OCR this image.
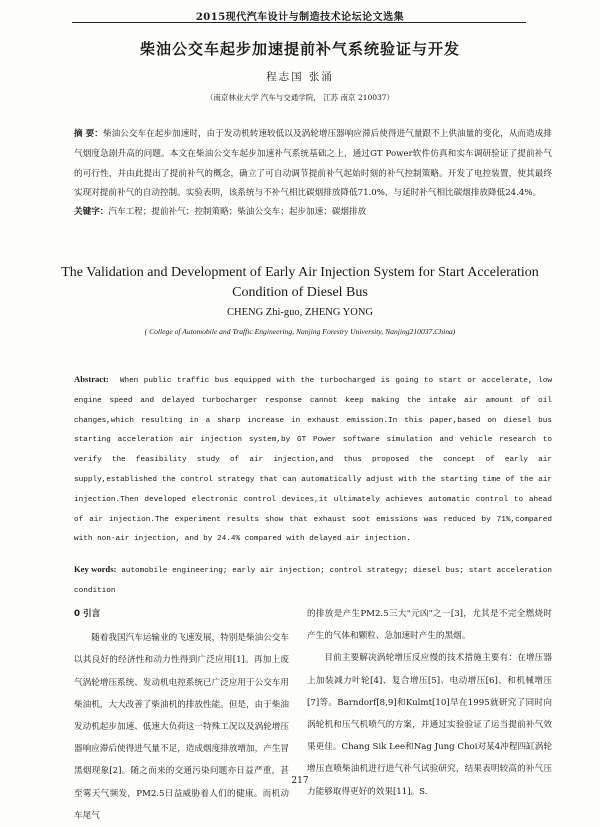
2015现代汽车设计与制造技术论坛论文选集
柴油公交车起步加速提前补气系统验证与开发
程志国 张涌
（南京林业大学 汽车与交通学院， 江苏 南京 210037）
摘 要：柴油公交车在起步加速时，由于发动机转速较低以及涡轮增压器响应滞后使得进气量跟不上供油量的变化，从而造成排气烟度急剧升高的问题。本文在柴油公交车起步加速补气系统基础之上，通过GT Power软件仿真和实车调研验证了提前补气的可行性，并由此提出了提前补气的概念，确立了可自动调节提前补气起始时刻的补气控制策略。开发了电控装置，使其最终实现对提前补气的自动控制。实验表明，该系统与不补气相比碳烟排放降低71.0%，与延时补气相比碳烟排放降低24.4%。
关键字：汽车工程；提前补气；控制策略；柴油公交车；起步加速；碳烟排放
The Validation and Development of Early Air Injection System for Start Acceleration
Condition of Diesel Bus
CHENG Zhi-guo, ZHENG YONG
( College of Automobile and Traffic Engineering, Nanjing Forestry University, Nanjing210037,China)
Abstract: When public traffic bus equipped with the turbocharged is going to start or accelerate, low engine speed and delayed turbocharger response cannot keep making the intake air amount of oil changes,which resulting in a sharp increase in exhaust emission.In this paper,based on diesel bus starting acceleration air injection system,by GT Power software simulation and vehicle research to verify the feasibility study of air injection,and thus proposed the concept of early air supply,established the control strategy that can automatically adjust with the starting time of the air injection.Then developed electronic control devices,it ultimately achieves automatic control to ahead of air injection.The experiment results show that exhaust soot emissions was reduced by 71%,compared with non-air injection, and by 24.4% compared with delayed air injection.
Key words: automobile engineering; early air injection; control strategy; diesel bus; start acceleration condition
0 引言

随着我国汽车运输业的飞速发展，特别是柴油公交车以其良好的经济性和动力性得到广泛应用[1]。再加上废气涡轮增压系统、发动机电控系统已广泛应用于公交车用柴油机，大大改善了柴油机的排放性能。但是，由于柴油发动机起步加速、低速大负荷这一特殊工况以及涡轮增压器响应滞后使得进气量不足，造成烟度排放增加，产生冒黑烟现象[2]。随之而来的交通污染问题亦日益严重，甚至雾天气频发，PM2.5日益威胁着人们的健康。而机动车尾气

的排放是产生PM2.5三大"元凶"之一[3]，尤其是不完全燃烧时产生的气体和颗粒、急加速时产生的黑烟。

目前主要解决涡轮增压反应慢的技术措施主要有：在增压器上加装减力叶轮[4]、复合增压[5]、电动增压[6]、和机械增压[7]等。Barndorf[8,9]和Kulmt[10]早在1995就研究了同时向涡轮机和压气机喷气的方案，并通过实验验证了运当提前补气效果更佳。Chang Sik Lee和Nag Jung Choi对某4冲程四缸涡轮增压直喷柴油机进行进气补气试验研究，结果表明较高的补气压力能够取得更好的效果[11]。S.

217
